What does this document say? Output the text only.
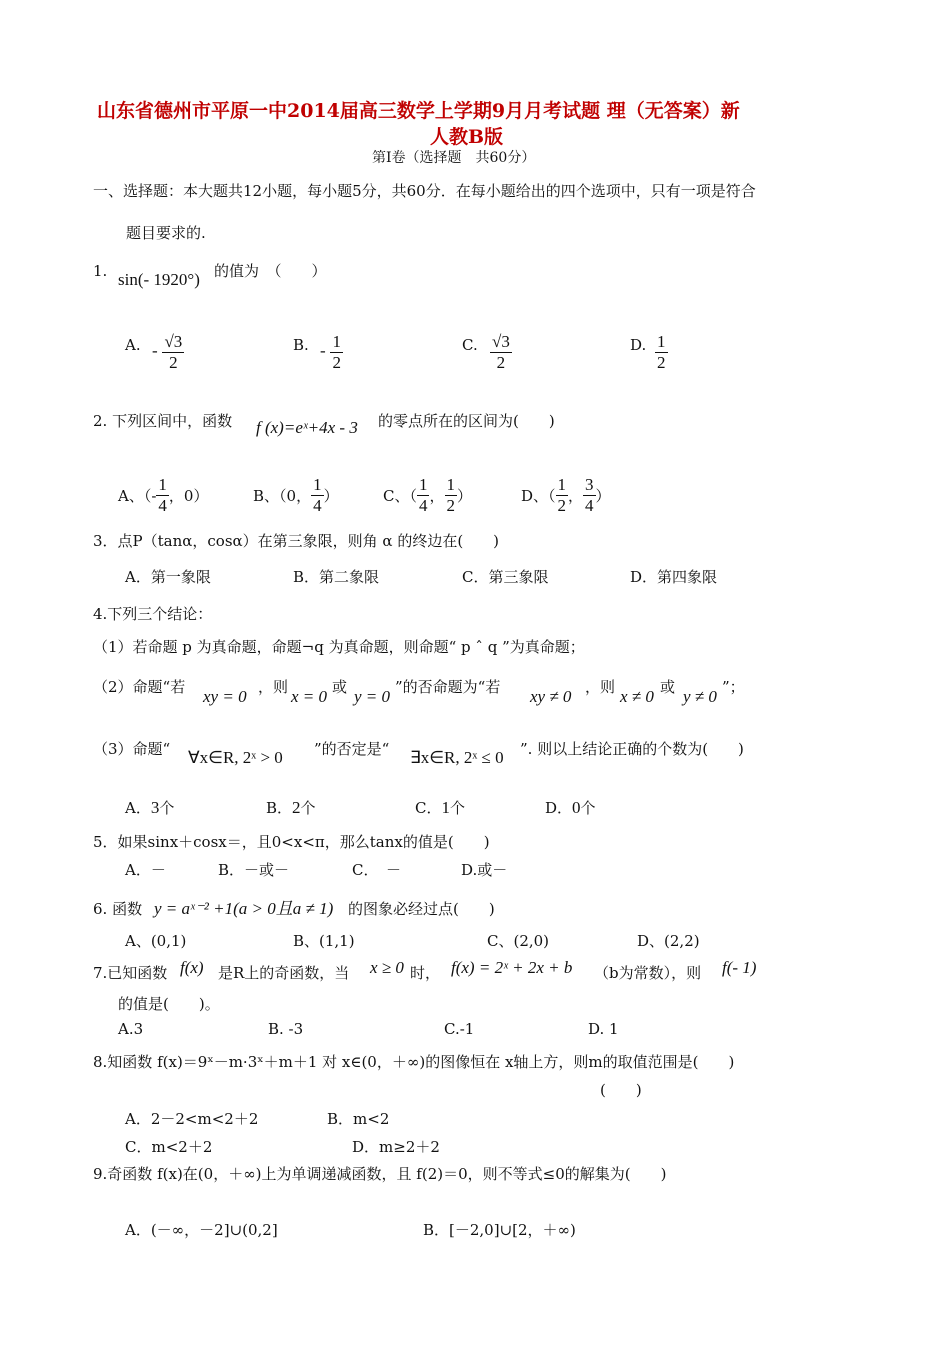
山东省德州市平原一中2014届高三数学上学期9月月考试题 理（无答案）新
人教B版
第Ⅰ卷（选择题　共60分）
一、选择题：本大题共12小题，每小题5分，共60分．在每小题给出的四个选项中，只有一项是符合
题目要求的.
1. sin(- 1920°) 的值为　（　　）
A. - $\frac{√3}{2}$	B. - $\frac{1}{2}$	C. $\frac{√3}{2}$	D. $\frac{1}{2}$
2. 下列区间中，函数 f (x)=eˣ+4x - 3 的零点所在的区间为(　　)
A、（- $\frac{1}{4}$ ，0）	B、（0， $\frac{1}{4}$ ）	C、（ $\frac{1}{4}$ ， $\frac{1}{2}$ ）	D、（ $\frac{1}{2}$ ， $\frac{3}{4}$ ）
3．点P（tanα，cosα）在第三象限，则角 α 的终边在(　　)
A．第一象限	B．第二象限	C．第三象限	D．第四象限
4.下列三个结论：
（1）若命题 p 为真命题，命题¬q 为真命题，则命题“ p ˆ q ”为真命题；
（2）命题“若 xy = 0 ，则 x = 0 或 y = 0 ”的否命题为“若 xy ≠ 0 ，则 x ≠ 0 或 y ≠ 0 ”；
（3）命题“ ∀x∈R, 2ˣ > 0 ”的否定是“ ∃x∈R, 2ˣ ≤ 0 ”. 则以上结论正确的个数为(　　)
A．3个	B．2个	C．1个	D．0个
5．如果sinx＋cosx＝，且0<x<π，那么tanx的值是(　　)
A．－	B．－或－	C．　－	D.或－
6. 函数 y = aˣ⁻² +1(a > 0且a ≠ 1) 的图象必经过点(　　)
A、(0,1)	B、(1,1)	C、(2,0)	D、(2,2)
7.已知函数 f(x) 是R上的奇函数，当 x ≥ 0 时， f(x) = 2ˣ + 2x + b （b为常数），则 f(- 1)
的值是(　　)。
A.3	B. -3	C.-1	D. 1
8.知函数 f(x)＝9ˣ－m·3ˣ＋m＋1 对 x∈(0，＋∞)的图像恒在 x轴上方，则m的取值范围是(　　)
(　　)
A．2－2<m<2＋2	B．m<2
C．m<2＋2	D．m≥2＋2
9.奇函数 f(x)在(0，＋∞)上为单调递减函数，且 f(2)＝0，则不等式≤0的解集为(　　)
A．(－∞，－2]∪(0,2]	B．[－2,0]∪[2，＋∞)
